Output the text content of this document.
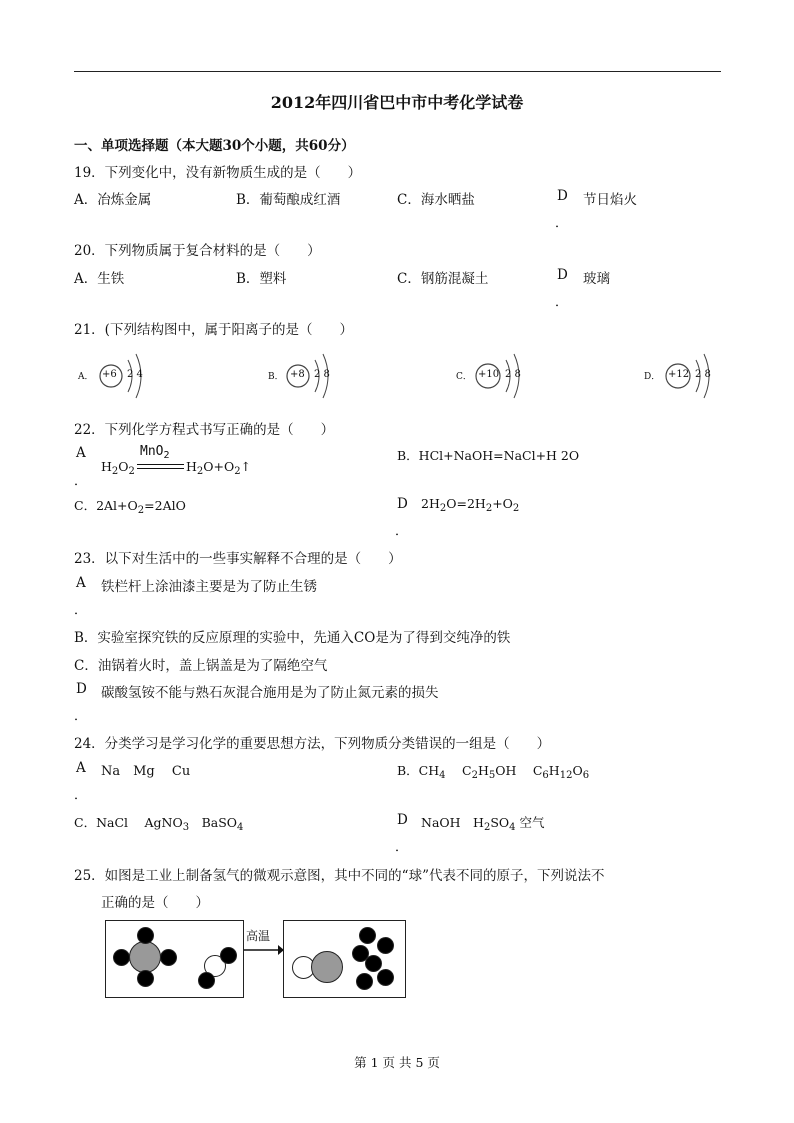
2012年四川省巴中市中考化学试卷
一、单项选择题（本大题30个小题，共60分）
19．下列变化中，没有新物质生成的是（　　）
A．冶炼金属	B．葡萄酿成红酒	C．海水晒盐	D 节日焰火
．
20．下列物质属于复合材料的是（　　）
A．生铁	B．塑料	C．钢筋混凝土	D 玻璃
．
21．(下列结构图中，属于阳离子的是（　　）
A． +6 2 4	B． +8 2 8	C． +10 2 8	D． +12 2 8
22．下列化学方程式书写正确的是（　　）
A
．
MnO$_2$
$H_2O_2$	$H_2O+O_2↑$
B．HCl+NaOH=NaCl+H 2O
C．$2Al+O_2=2AlO$	D $2H_2O=2H_2+O_2$
．
23．以下对生活中的一些事实解释不合理的是（　　）
A 铁栏杆上涂油漆主要是为了防止生锈
．
B．实验室探究铁的反应原理的实验中，先通入CO是为了得到交纯净的铁
C．油锅着火时，盖上锅盖是为了隔绝空气
D 碳酸氢铵不能与熟石灰混合施用是为了防止氮元素的损失
．
24．分类学习是学习化学的重要思想方法，下列物质分类错误的一组是（　　）
A Na　Mg　 Cu
．
B．$CH_4$　 $C_2H_5OH$　 $C_6H_{12}O_6$
C．NaCl　 AgNO$_3$　BaSO$_4$	D NaOH　$H_2SO_4$ 空气
．
25．如图是工业上制备氢气的微观示意图，其中不同的“球”代表不同的原子，下列说法不
正确的是（　　）
高温
第 1 页 共 5 页
